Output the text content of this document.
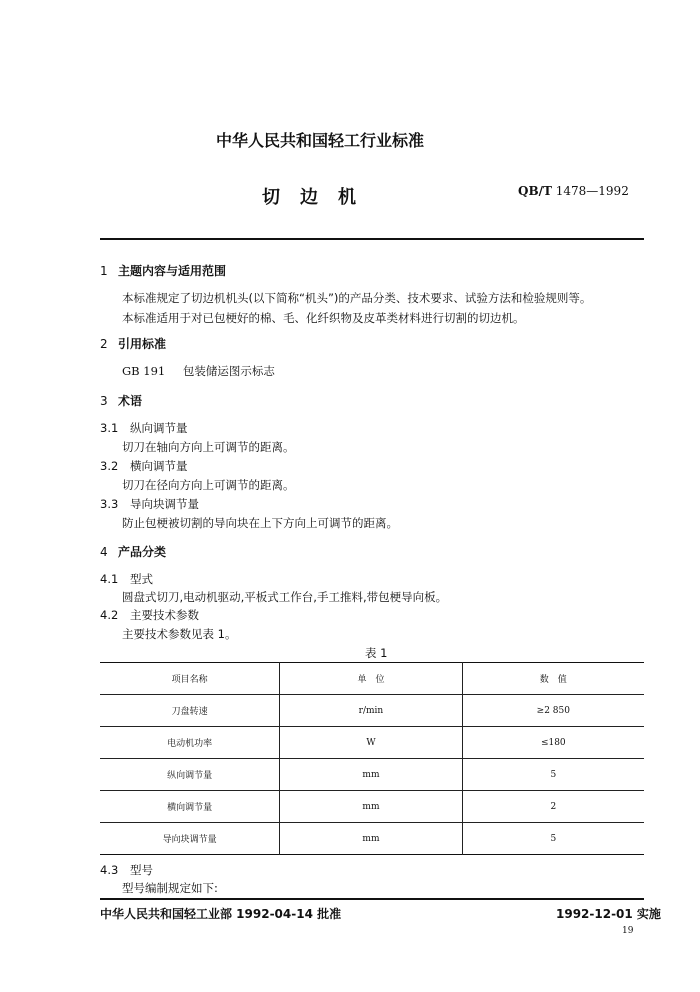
中华人民共和国轻工行业标准
切边机	QB/T 1478—1992
1 主题内容与适用范围
本标准规定了切边机机头(以下简称“机头”)的产品分类、技术要求、试验方法和检验规则等。
本标准适用于对已包梗好的棉、毛、化纤织物及皮革类材料进行切割的切边机。
2 引用标准
GB 191 包装储运图示标志
3 术语
3.1 纵向调节量
切刀在轴向方向上可调节的距离。
3.2 横向调节量
切刀在径向方向上可调节的距离。
3.3 导向块调节量
防止包梗被切割的导向块在上下方向上可调节的距离。
4 产品分类
4.1 型式
圆盘式切刀,电动机驱动,平板式工作台,手工推料,带包梗导向板。
4.2 主要技术参数
主要技术参数见表 1。
表 1
项目名称	单　位	数　值
刀盘转速	r/min	≥2 850
电动机功率	W	≤180
纵向调节量	mm	5
横向调节量	mm	2
导向块调节量	mm	5
4.3 型号
型号编制规定如下:
中华人民共和国轻工业部 1992-04-14 批准	1992-12-01 实施
19
